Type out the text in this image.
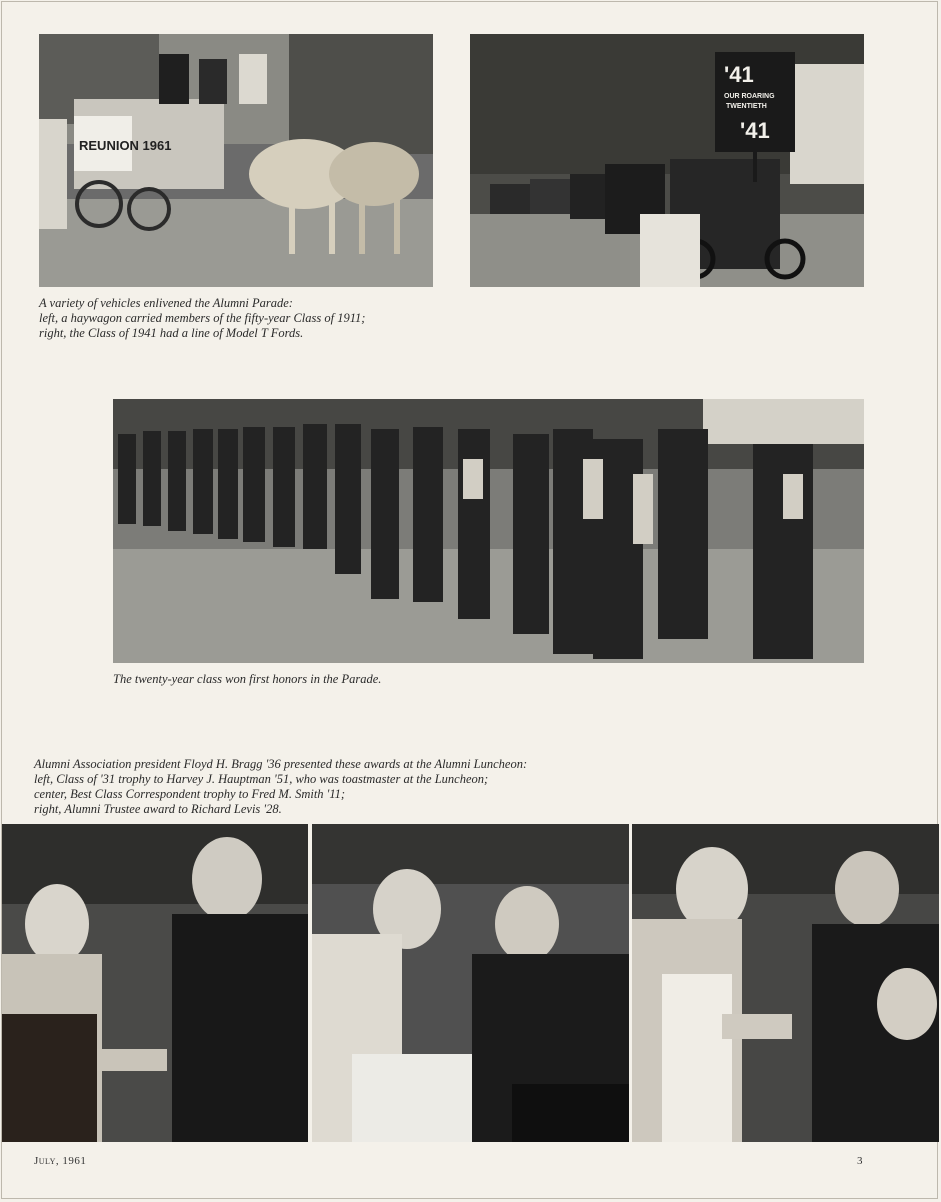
REUNION 1961
'41
OUR ROARING
TWENTIETH
'41

A variety of vehicles enlivened the Alumni Parade:
left, a haywagon carried members of the fifty-year Class of 1911;
right, the Class of 1941 had a line of Model T Fords.

The twenty-year class won first honors in the Parade.

Alumni Association president Floyd H. Bragg '36 presented these awards at the Alumni Luncheon:
left, Class of '31 trophy to Harvey J. Hauptman '51, who was toastmaster at the Luncheon;
center, Best Class Correspondent trophy to Fred M. Smith '11;
right, Alumni Trustee award to Richard Levis '28.

July, 1961	3
